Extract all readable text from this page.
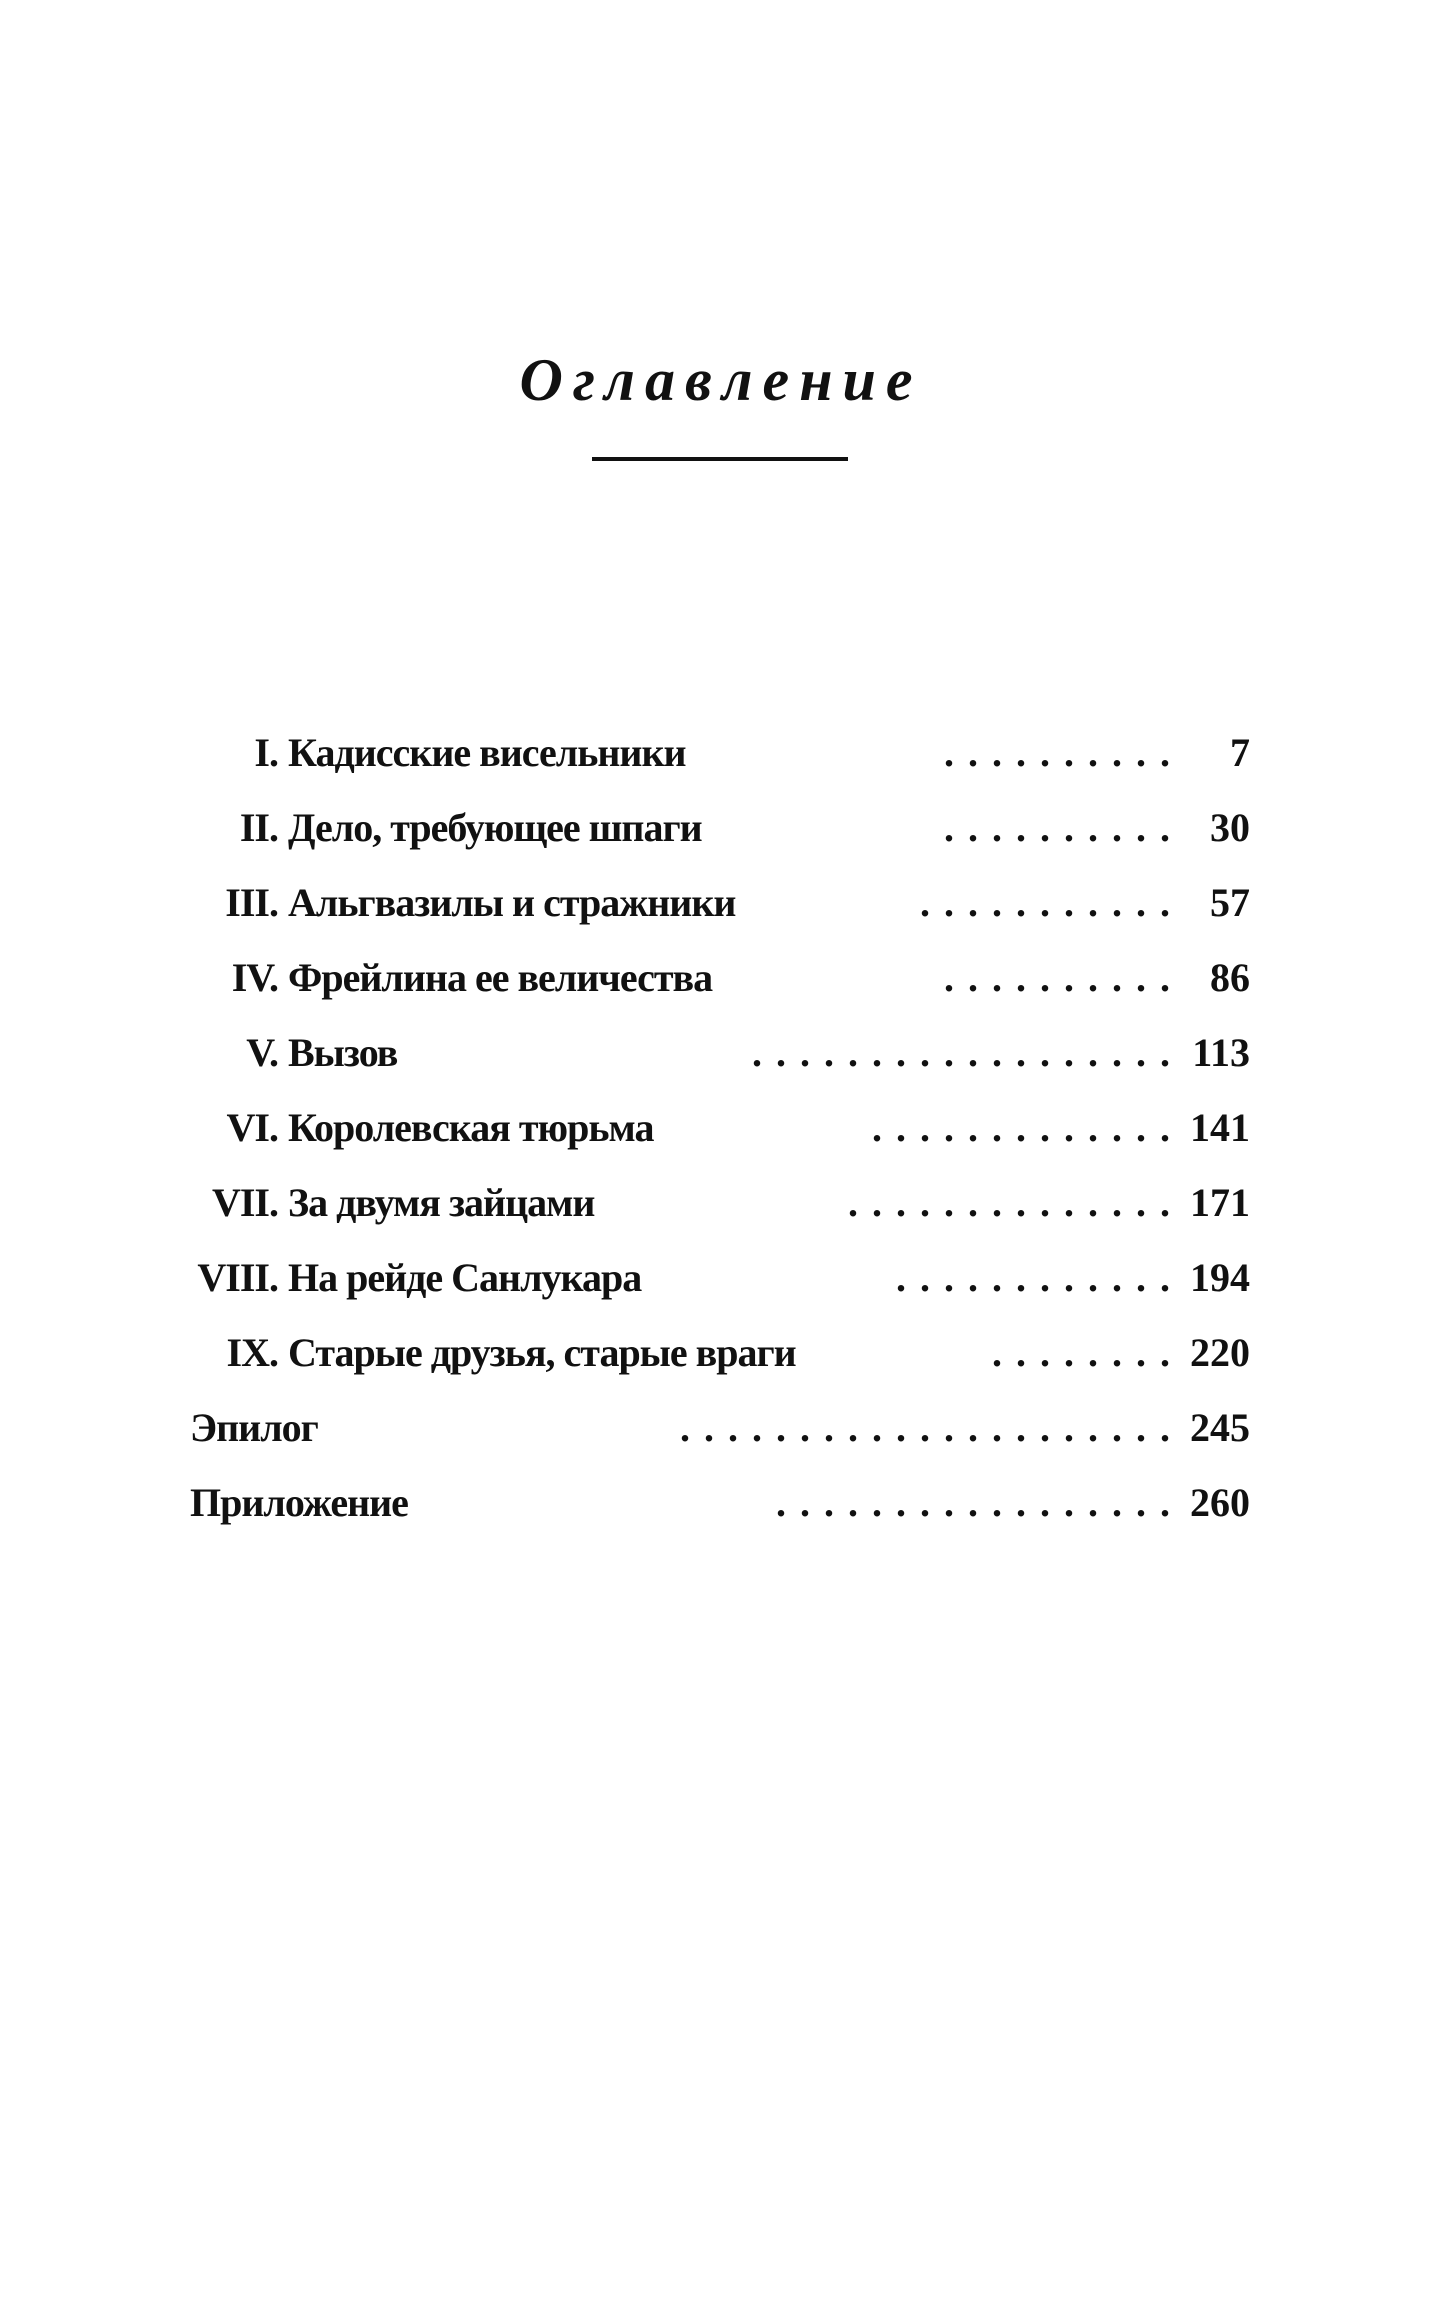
Оглавление
I. Кадисские висельники	..........	7
II. Дело, требующее шпаги	.......... 30
III. Альгвазилы и стражники	........... 57
IV. Фрейлина ее величества	.......... 86
V. Вызов	.................. 113
VI. Королевская тюрьма	............. 141
VII. За двумя зайцами	.............. 171
VIII. На рейде Санлукара	............ 194
IX. Старые друзья, старые враги	........ 220
Эпилог	..................... 245
Приложение	................. 260
